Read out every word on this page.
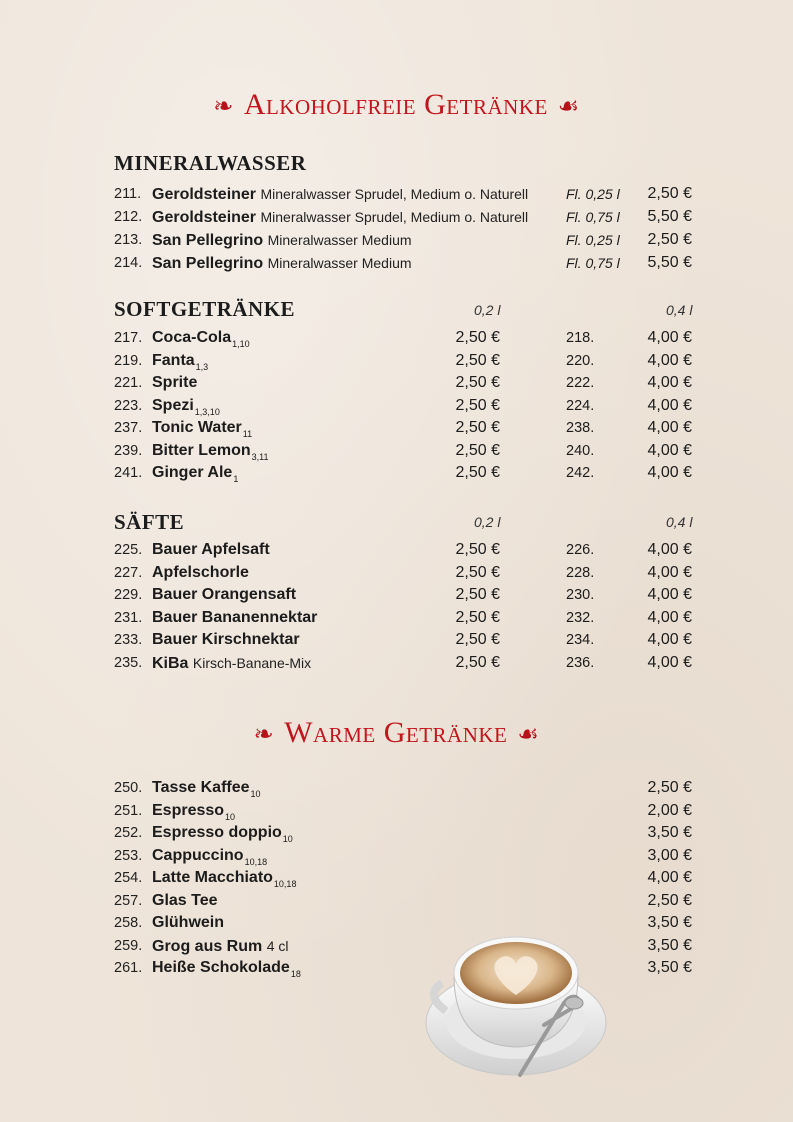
❧ Alkoholfreie Getränke ☙
MINERALWASSER
211. Geroldsteiner Mineralwasser Sprudel, Medium o. Naturell	Fl. 0,25 l 2,50 €
212. Geroldsteiner Mineralwasser Sprudel, Medium o. Naturell	Fl. 0,75 l 5,50 €
213. San Pellegrino Mineralwasser Medium	Fl. 0,25 l 2,50 €
214. San Pellegrino Mineralwasser Medium	Fl. 0,75 l 5,50 €
SOFTGETRÄNKE	0,2 l	0,4 l
217. Coca-Cola$_{1,10}$	2,50 €	218.	4,00 €
219. Fanta$_{1,3}$	2,50 €	220.	4,00 €
221. Sprite	2,50 €	222.	4,00 €
223. Spezi$_{1,3,10}$	2,50 €	224.	4,00 €
237. Tonic Water$_{11}$	2,50 €	238.	4,00 €
239. Bitter Lemon$_{3,11}$	2,50 €	240.	4,00 €
241. Ginger Ale$_1$	2,50 €	242.	4,00 €
SÄFTE	0,2 l	0,4 l
225. Bauer Apfelsaft	2,50 €	226.	4,00 €
227. Apfelschorle	2,50 €	228.	4,00 €
229. Bauer Orangensaft	2,50 €	230.	4,00 €
231. Bauer Bananennektar	2,50 €	232.	4,00 €
233. Bauer Kirschnektar	2,50 €	234.	4,00 €
235. KiBa Kirsch-Banane-Mix	2,50 €	236.	4,00 €
❧ Warme Getränke ☙
250. Tasse Kaffee$_{10}$	2,50 €
251. Espresso$_{10}$	2,00 €
252. Espresso doppio$_{10}$	3,50 €
253. Cappuccino$_{10,18}$	3,00 €
254. Latte Macchiato$_{10,18}$	4,00 €
257. Glas Tee	2,50 €
258. Glühwein	3,50 €
259. Grog aus Rum 4 cl	3,50 €
261. Heiße Schokolade$_{18}$	3,50 €
